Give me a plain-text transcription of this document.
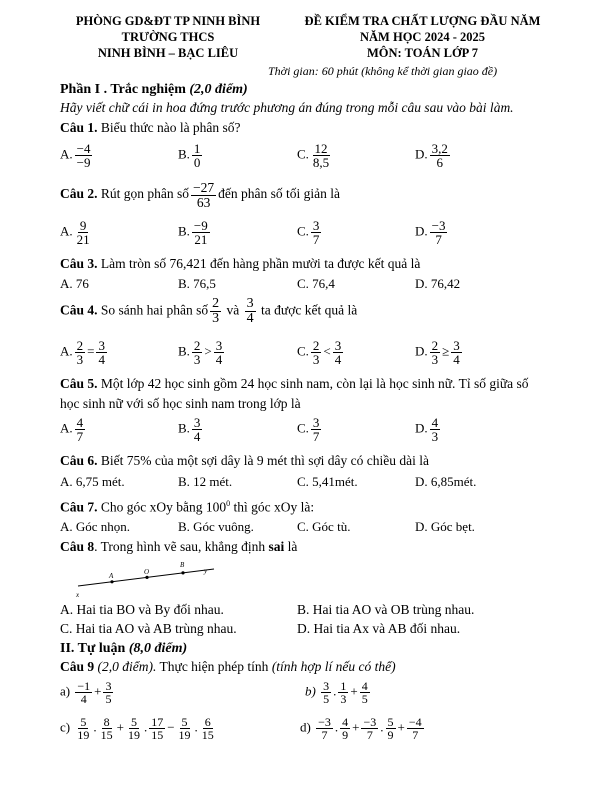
PHÒNG GD&ĐT TP NINH BÌNH
TRƯỜNG THCS
NINH BÌNH – BẠC LIÊU
ĐỀ KIỂM TRA CHẤT LƯỢNG ĐẦU NĂM
NĂM HỌC 2024 - 2025
MÔN: TOÁN LỚP 7
Thời gian: 60 phút (không kể thời gian giao đề)
Phần I . Trắc nghiệm (2,0 điểm)
Hãy viết chữ cái in hoa đứng trước phương án đúng trong mỗi câu sau vào bài làm.
Câu 1. Biểu thức nào là phân số?
A. $\frac{-4}{-9}$	B. $\frac{1}{0}$	C. $\frac{12}{8,5}$	D. $\frac{3,2}{6}$
Câu 2. Rút gọn phân số $\frac{-27}{63}$ đến phân số tối giản là
A. $\frac{9}{21}$	B. $\frac{-9}{21}$	C. $\frac{3}{7}$	D. $\frac{-3}{7}$
Câu 3. Làm tròn số 76,421 đến hàng phần mười ta được kết quả là
A. 76	B. 76,5	C. 76,4	D. 76,42
Câu 4. So sánh hai phân số $\frac{2}{3}$ và $\frac{3}{4}$ ta được kết quả là
A. $\frac{2}{3} = \frac{3}{4}$	B. $\frac{2}{3} > \frac{3}{4}$	C. $\frac{2}{3} < \frac{3}{4}$	D. $\frac{2}{3} \ge \frac{3}{4}$
Câu 5. Một lớp 42 học sinh gồm 24 học sinh nam, còn lại là học sinh nữ. Tỉ số giữa số
học sinh nữ với số học sinh nam trong lớp là
A. $\frac{4}{7}$	B. $\frac{3}{4}$	C. $\frac{3}{7}$	D. $\frac{4}{3}$
Câu 6. Biết 75% của một sợi dây là 9 mét thì sợi dây có chiều dài là
A. 6,75 mét.	B. 12 mét.	C. 5,41mét.	D. 6,85mét.
Câu 7. Cho góc xOy bằng $100^0$ thì góc xOy là:
A. Góc nhọn.	B. Góc vuông.	C. Góc tù.	D. Góc bẹt.
Câu 8. Trong hình vẽ sau, khẳng định sai là
x
A	O
B
y
A. Hai tia BO và By đối nhau.	B. Hai tia AO và OB trùng nhau.
C. Hai tia AO và AB trùng nhau.	D. Hai tia Ax và AB đối nhau.
II. Tự luận (8,0 điểm)
Câu 9 (2,0 điểm). Thực hiện phép tính (tính hợp lí nếu có thể)
$a) \frac{-1}{4} + \frac{3}{5}$	$b) \frac{3}{5}$ . $\frac{1}{3} + \frac{4}{5}$
$c) \frac{5}{19}$ . $\frac{8}{15} + \frac{5}{19}$ . $\frac{17}{15} - \frac{5}{19}$ . $\frac{6}{15}$	$d) \frac{-3}{7}$ . $\frac{4}{9} + \frac{-3}{7}$ . $\frac{5}{9} + \frac{-4}{7}$
